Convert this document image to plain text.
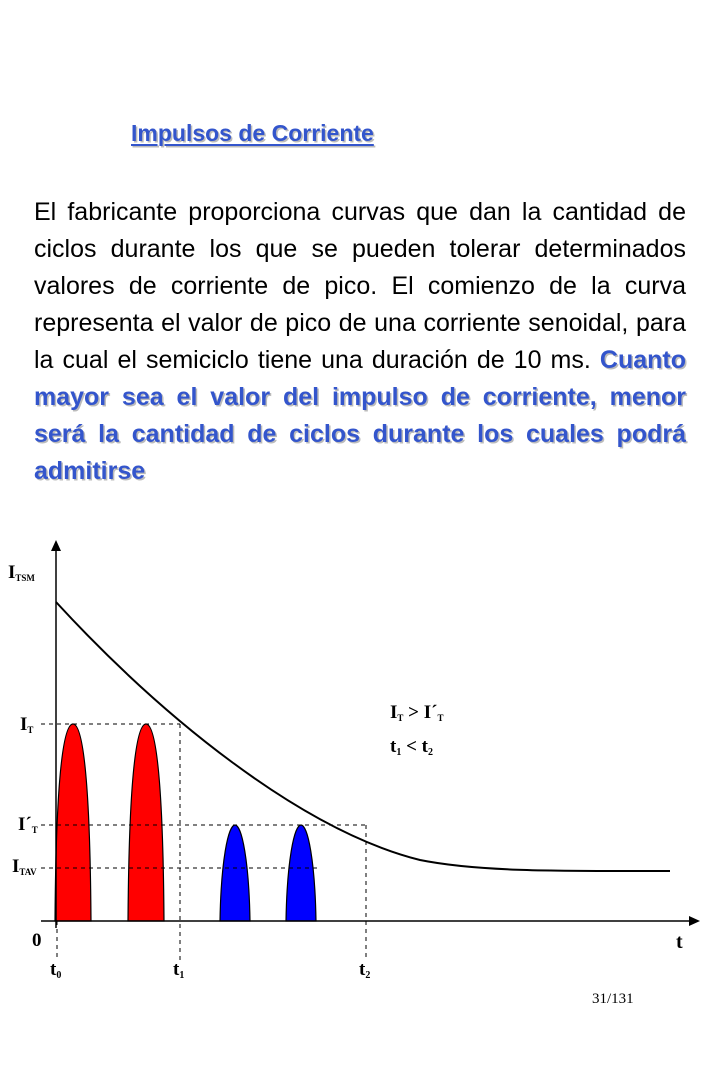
Impulsos de Corriente

El fabricante proporciona curvas que dan la cantidad de ciclos durante los que se pueden tolerar determinados valores de corriente de pico. El comienzo de la curva representa el valor de pico de una corriente senoidal, para la cual el semiciclo tiene una duración de 10 ms. Cuanto mayor sea el valor del impulso de corriente, menor será la cantidad de ciclos durante los cuales podrá admitirse

ITSM
IT
I´T
ITAV
0	t
t0	t1	t2
IT > I´T
t1 < t2

31/131
